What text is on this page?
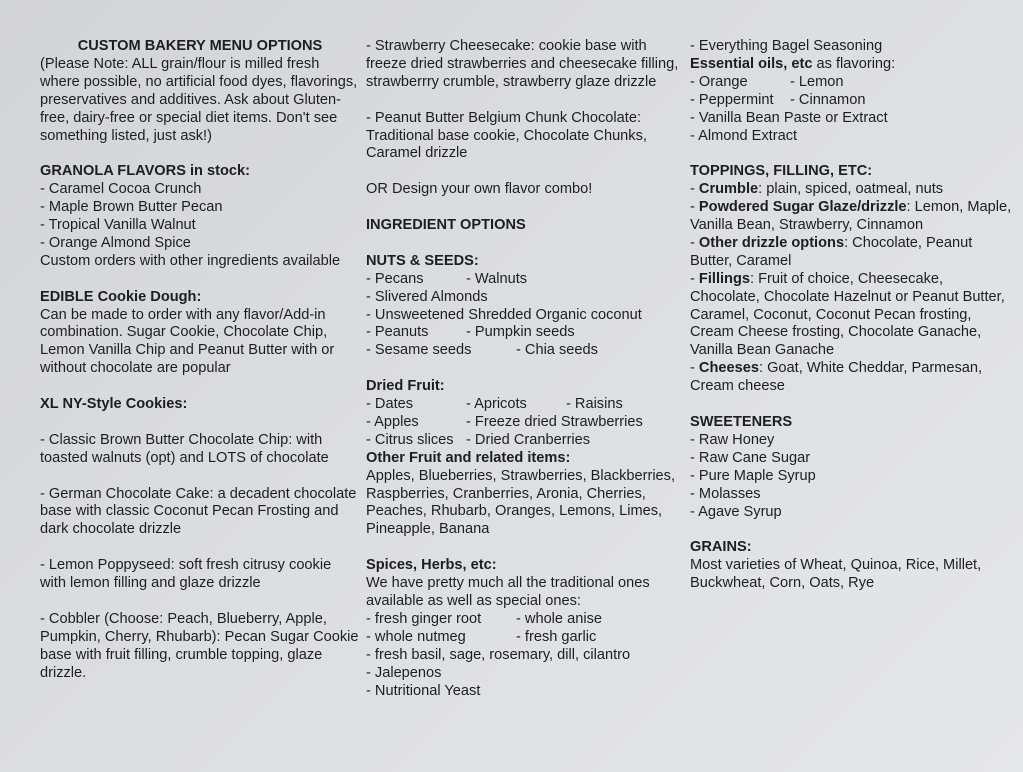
CUSTOM BAKERY MENU OPTIONS

(Please Note: ALL grain/flour is milled fresh where possible, no artificial food dyes, flavorings, preservatives and additives. Ask about Gluten-free, dairy-free or special diet items. Don't see something listed, just ask!)

GRANOLA FLAVORS in stock:

- Caramel Cocoa Crunch

- Maple Brown Butter Pecan

- Tropical Vanilla Walnut

- Orange Almond Spice

Custom orders with other ingredients available

EDIBLE Cookie Dough:

Can be made to order with any flavor/Add-in combination. Sugar Cookie, Chocolate Chip, Lemon Vanilla Chip and Peanut Butter with or without chocolate are popular

XL NY-Style Cookies:

- Classic Brown Butter Chocolate Chip: with toasted walnuts (opt) and LOTS of chocolate

- German Chocolate Cake: a decadent chocolate base with classic Coconut Pecan Frosting and dark chocolate drizzle

- Lemon Poppyseed: soft fresh citrusy cookie with lemon filling and glaze drizzle

- Cobbler (Choose: Peach, Blueberry, Apple, Pumpkin, Cherry, Rhubarb): Pecan Sugar Cookie base with fruit filling, crumble topping, glaze drizzle.

- Strawberry Cheesecake: cookie base with freeze dried strawberries and cheesecake filling, strawberrry crumble, strawberry glaze drizzle

- Peanut Butter Belgium Chunk Chocolate: Traditional base cookie, Chocolate Chunks, Caramel drizzle

OR Design your own flavor combo!

INGREDIENT OPTIONS

NUTS & SEEDS:

- Pecans	- Walnuts

- Slivered Almonds

- Unsweetened Shredded Organic coconut

- Peanuts	- Pumpkin seeds
- Sesame seeds	- Chia seeds

Dried Fruit:

- Dates	- Apricots	- Raisins
- Apples	- Freeze dried Strawberries
- Citrus slices - Dried Cranberries

Other Fruit and related items:

Apples, Blueberries, Strawberries, Blackberries, Raspberries, Cranberries, Aronia, Cherries, Peaches, Rhubarb, Oranges, Lemons, Limes, Pineapple, Banana

Spices, Herbs, etc:

We have pretty much all the traditional ones available as well as special ones:

- fresh ginger root	- whole anise
- whole nutmeg	- fresh garlic

- fresh basil, sage, rosemary, dill, cilantro

- Jalepenos

- Nutritional Yeast

- Everything Bagel Seasoning

Essential oils, etc as flavoring:

- Orange	- Lemon
- Peppermint	- Cinnamon

- Vanilla Bean Paste or Extract

- Almond Extract

TOPPINGS, FILLING, ETC:

- Crumble: plain, spiced, oatmeal, nuts

- Powdered Sugar Glaze/drizzle: Lemon, Maple, Vanilla Bean, Strawberry, Cinnamon

- Other drizzle options: Chocolate, Peanut Butter, Caramel

- Fillings: Fruit of choice, Cheesecake, Chocolate, Chocolate Hazelnut or Peanut Butter, Caramel, Coconut, Coconut Pecan frosting, Cream Cheese frosting, Chocolate Ganache, Vanilla Bean Ganache

- Cheeses: Goat, White Cheddar, Parmesan, Cream cheese

SWEETENERS

- Raw Honey

- Raw Cane Sugar

- Pure Maple Syrup

- Molasses

- Agave Syrup

GRAINS:

Most varieties of Wheat, Quinoa, Rice, Millet, Buckwheat, Corn, Oats, Rye
